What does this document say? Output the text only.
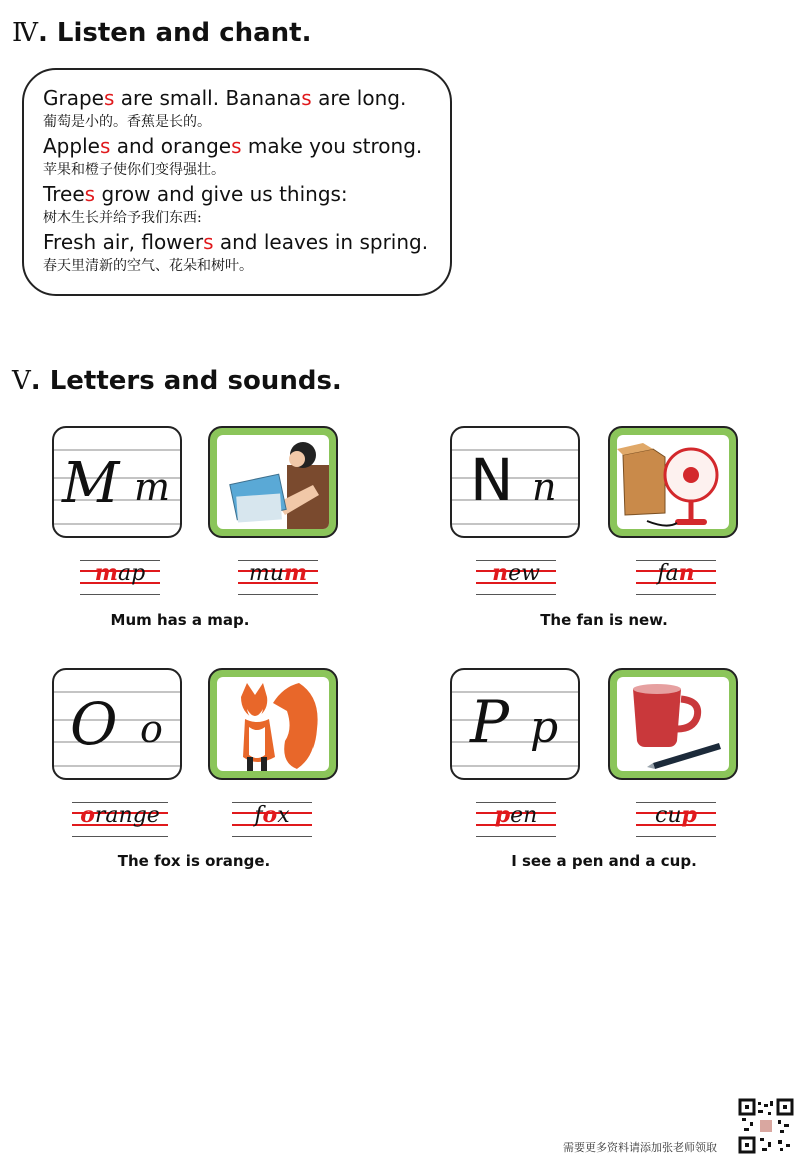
Ⅳ. Listen and chant.
Grapes are small. Bananas are long.
葡萄是小的。香蕉是长的。
Apples and oranges make you strong.
苹果和橙子使你们变得强壮。
Trees grow and give us things:
树木生长并给予我们东西:
Fresh air, flowers and leaves in spring.
春天里清新的空气、花朵和树叶。
Ⅴ. Letters and sounds.
M m
map	mum
Mum has a map.
N n
new	fan
The fan is new.
O o
orange	fox
The fox is orange.
P p
pen	cup
I see a pen and a cup.
需要更多资料请添加张老师领取
